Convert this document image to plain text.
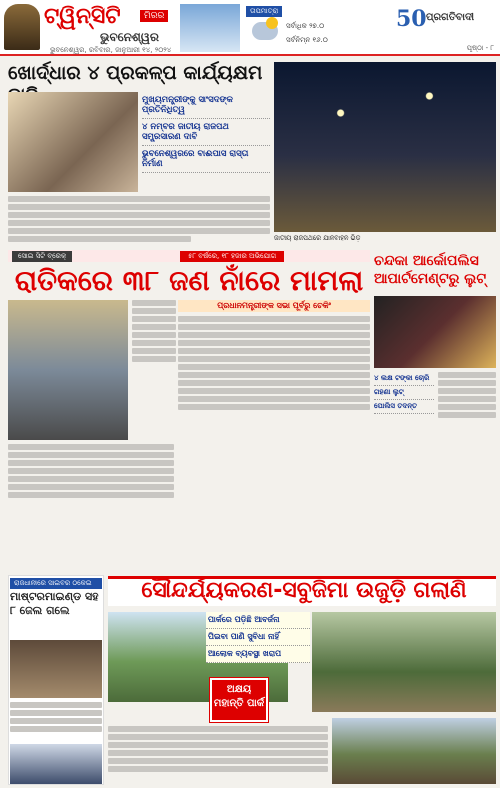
ଟ୍ୱିନ୍‌ସିଟି	ମିରର
ଭୁବନେଶ୍ୱର
ଭୁବନେଶ୍ୱର, ରବିବାର, ଜାନୁଆରୀ ୧୪, ୨୦୨୪
ତାପମାତ୍ରା
ସର୍ବାଧିକ ୨୭.୦
ସର୍ବନିମ୍ନ ୧୬.୦
50 ପ୍ରଗତିବାଦୀ
ପୃଷ୍ଠା - ୮
ଖୋର୍ଦ୍ଧାର ୪ ପ୍ରକଳ୍ପ କାର୍ଯ୍ୟକ୍ଷମ
ମୁଖ୍ୟମନ୍ତ୍ରୀଙ୍କୁ ସାଂସଦଙ୍କ ପ୍ରତିନିଧିତ୍ୱ
୪ ନମ୍ବର ଜାତୀୟ ରାଜପଥ ସମ୍ପ୍ରସାରଣ ଦାବି
ଭୁବନେଶ୍ୱରରେ ବାଈପାସ ରାସ୍ତା ନିର୍ମାଣ
ଜାତୀୟ ରାଜପଥରେ ଯାନବାହନ ଭିଡ଼
ସୋଇ ସିଟି ବ୍ରେକ୍	୫୮ ବର୍ଷରେ, ୧୮ ହଜାର ଅଭିଯୋଗ
ରାତିକରେ ୩୮ ଜଣ ନାଁରେ ମାମଲା
ଚନ୍ଦକା ଆର୍କୋପଲିସ ଆପାର୍ଟମେଣ୍ଟରୁ ଲୁଟ୍
ପ୍ରଧାନମନ୍ତ୍ରୀଙ୍କ ସଭା ପୂର୍ବରୁ ଚେକିଂ
୪ ଲକ୍ଷ ଟଙ୍କା ଚୋରି
ଗହଣା ଲୁଟ୍
ପୋଲିସ ତଦନ୍ତ
ରାଜଧାନୀରେ ସାଇବର ଠକେଇ
ମାଷ୍ଟରମାଇଣ୍ଡ ସହ ୮ ଜେଲ ଗଲେ
ସୌନ୍ଦର୍ଯ୍ୟକରଣ-ସବୁଜିମା ଉଜୁଡ଼ି ଗଲାଣି
ପାର୍କରେ ପଡ଼ିଛି ଆବର୍ଜନା
ପିଇବା ପାଣି ସୁବିଧା ନାହିଁ
ଆଲୋକ ବ୍ୟବସ୍ଥା ଖରାପ
ଅକ୍ଷୟ ମହାନ୍ତି ପାର୍କ
